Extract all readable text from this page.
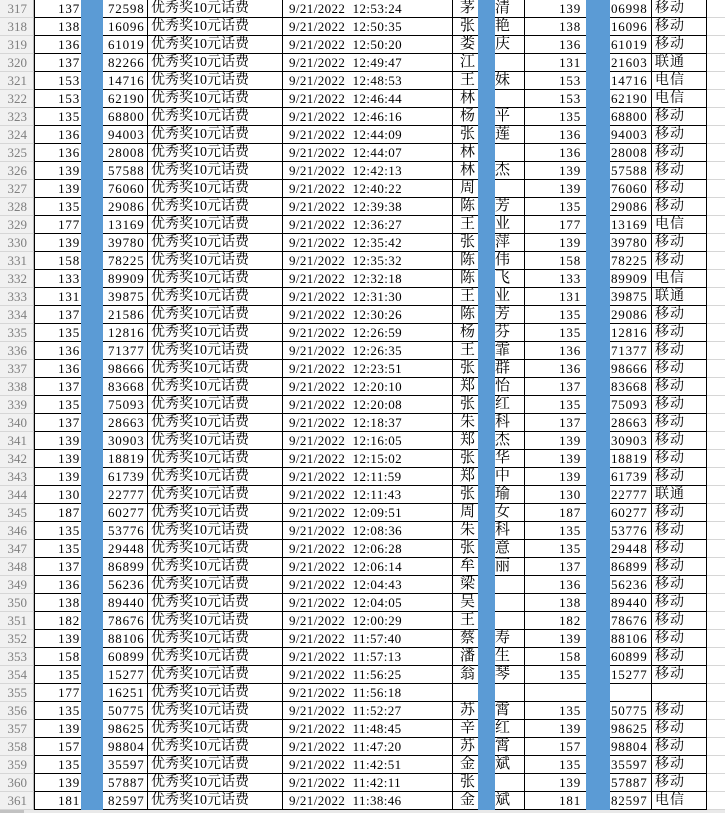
317	137 72598 优秀奖10元话费	9/21/2022  12:53:24	茅 清	139 06998 移动
318	138 16096 优秀奖10元话费	9/21/2022  12:50:35	张 艳	138 16096 移动
319	136 61019 优秀奖10元话费	9/21/2022  12:50:20	娄 庆	136 61019 移动
320	137 82266 优秀奖10元话费	9/21/2022  12:49:47	江	131 21603 联通
321	153 14716 优秀奖10元话费	9/21/2022  12:48:53	王 妹	153 14716 电信
322	153 62190 优秀奖10元话费	9/21/2022  12:46:44	林	153 62190 电信
323	135 68800 优秀奖10元话费	9/21/2022  12:46:16	杨 平	135 68800 移动
324	136 94003 优秀奖10元话费	9/21/2022  12:44:09	张 莲	136 94003 移动
325	136 28008 优秀奖10元话费	9/21/2022  12:44:07	林	136 28008 移动
326	139 57588 优秀奖10元话费	9/21/2022  12:42:13	林 杰	139 57588 移动
327	139 76060 优秀奖10元话费	9/21/2022  12:40:22	周	139 76060 移动
328	135 29086 优秀奖10元话费	9/21/2022  12:39:38	陈 芳	135 29086 移动
329	177 13169 优秀奖10元话费	9/21/2022  12:36:27	王 业	177 13169 电信
330	139 39780 优秀奖10元话费	9/21/2022  12:35:42	张 萍	139 39780 移动
331	158 78225 优秀奖10元话费	9/21/2022  12:35:32	陈 伟	158 78225 移动
332	133 89909 优秀奖10元话费	9/21/2022  12:32:18	陈 飞	133 89909 电信
333	131 39875 优秀奖10元话费	9/21/2022  12:31:30	王 业	131 39875 联通
334	137 21586 优秀奖10元话费	9/21/2022  12:30:26	陈 芳	135 29086 移动
335	135 12816 优秀奖10元话费	9/21/2022  12:26:59	杨 芬	135 12816 移动
336	136 71377 优秀奖10元话费	9/21/2022  12:26:35	王 霏	136 71377 移动
337	136 98666 优秀奖10元话费	9/21/2022  12:23:51	张 群	136 98666 移动
338	137 83668 优秀奖10元话费	9/21/2022  12:20:10	郑 怡	137 83668 移动
339	135 75093 优秀奖10元话费	9/21/2022  12:20:08	张 红	135 75093 移动
340	137 28663 优秀奖10元话费	9/21/2022  12:18:37	朱 科	137 28663 移动
341	139 30903 优秀奖10元话费	9/21/2022  12:16:05	郑 杰	139 30903 移动
342	139 18819 优秀奖10元话费	9/21/2022  12:15:02	张 华	139 18819 移动
343	139 61739 优秀奖10元话费	9/21/2022  12:11:59	郑 中	139 61739 移动
344	130 22777 优秀奖10元话费	9/21/2022  12:11:43	张 瑜	130 22777 联通
345	187 60277 优秀奖10元话费	9/21/2022  12:09:51	周 女	187 60277 移动
346	135 53776 优秀奖10元话费	9/21/2022  12:08:36	朱 科	135 53776 移动
347	135 29448 优秀奖10元话费	9/21/2022  12:06:28	张 意	135 29448 移动
348	137 86899 优秀奖10元话费	9/21/2022  12:06:14	牟 丽	137 86899 移动
349	136 56236 优秀奖10元话费	9/21/2022  12:04:43	梁	136 56236 移动
350	138 89440 优秀奖10元话费	9/21/2022  12:04:05	吴	138 89440 移动
351	182 78676 优秀奖10元话费	9/21/2022  12:00:29	王	182 78676 移动
352	139 88106 优秀奖10元话费	9/21/2022  11:57:40	蔡 寿	139 88106 移动
353	158 60899 优秀奖10元话费	9/21/2022  11:57:13	潘 生	158 60899 移动
354	135 15277 优秀奖10元话费	9/21/2022  11:56:25	翁 琴	135 15277 移动
355	177 16251 优秀奖10元话费	9/21/2022  11:56:18
356	135 50775 优秀奖10元话费	9/21/2022  11:52:27	苏 霄	135 50775 移动
357	139 98625 优秀奖10元话费	9/21/2022  11:48:45	辛 红	139 98625 移动
358	157 98804 优秀奖10元话费	9/21/2022  11:47:20	苏 霄	157 98804 移动
359	135 35597 优秀奖10元话费	9/21/2022  11:42:51	金 斌	135 35597 移动
360	139 57887 优秀奖10元话费	9/21/2022  11:42:11	张	139 57887 移动
361	181 82597 优秀奖10元话费	9/21/2022  11:38:46	金 斌	181 82597 电信
